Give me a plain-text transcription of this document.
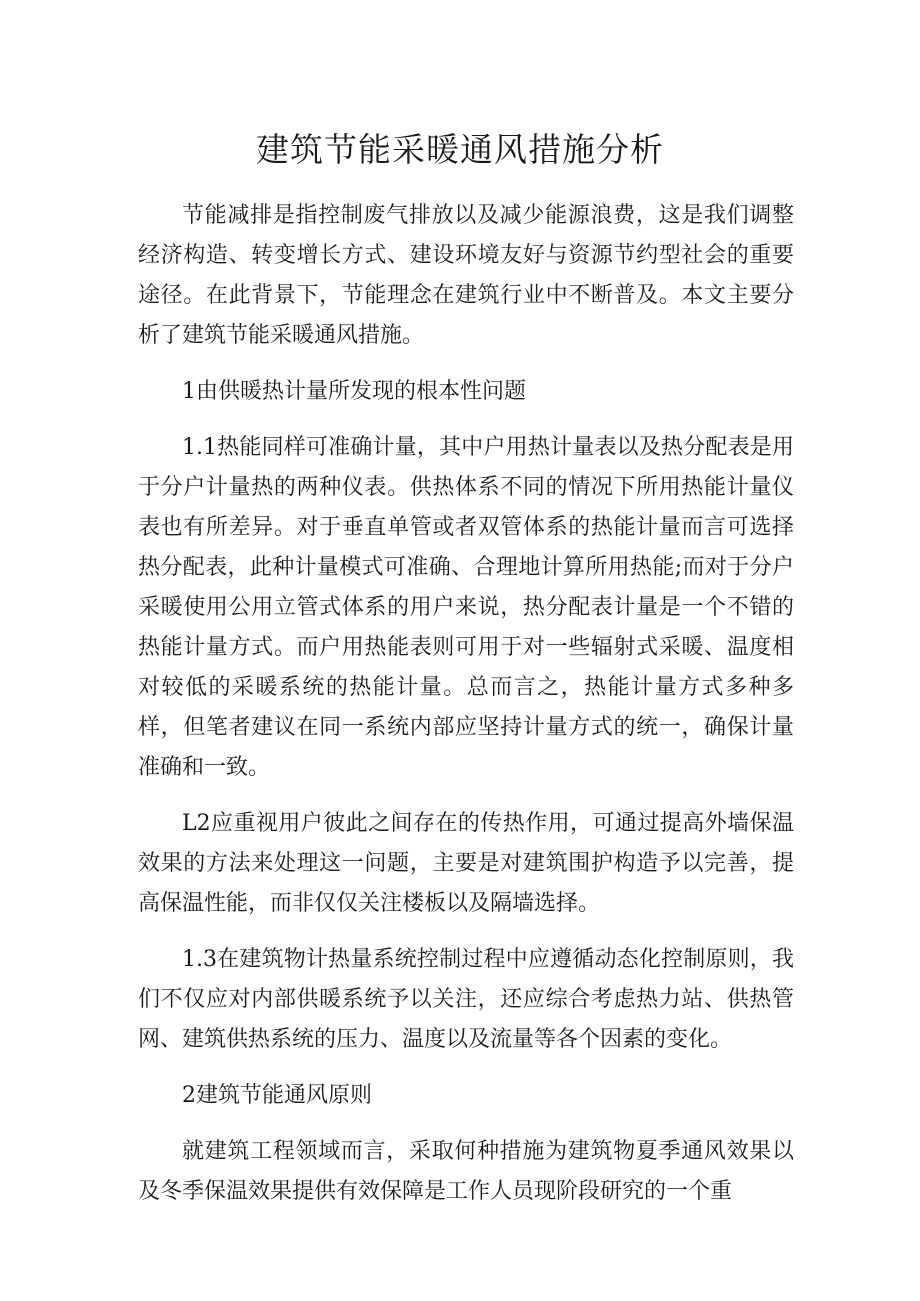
建筑节能采暖通风措施分析

节能减排是指控制废气排放以及减少能源浪费，这是我们调整经济构造、转变增长方式、建设环境友好与资源节约型社会的重要途径。在此背景下，节能理念在建筑行业中不断普及。本文主要分析了建筑节能采暖通风措施。

1由供暖热计量所发现的根本性问题

1.1热能同样可准确计量，其中户用热计量表以及热分配表是用于分户计量热的两种仪表。供热体系不同的情况下所用热能计量仪表也有所差异。对于垂直单管或者双管体系的热能计量而言可选择热分配表，此种计量模式可准确、合理地计算所用热能;而对于分户采暖使用公用立管式体系的用户来说，热分配表计量是一个不错的热能计量方式。而户用热能表则可用于对一些辐射式采暖、温度相对较低的采暖系统的热能计量。总而言之，热能计量方式多种多样，但笔者建议在同一系统内部应坚持计量方式的统一，确保计量准确和一致。

L2应重视用户彼此之间存在的传热作用，可通过提高外墙保温效果的方法来处理这一问题，主要是对建筑围护构造予以完善，提高保温性能，而非仅仅关注楼板以及隔墙选择。

1.3在建筑物计热量系统控制过程中应遵循动态化控制原则，我们不仅应对内部供暖系统予以关注，还应综合考虑热力站、供热管网、建筑供热系统的压力、温度以及流量等各个因素的变化。

2建筑节能通风原则

就建筑工程领域而言，采取何种措施为建筑物夏季通风效果以及冬季保温效果提供有效保障是工作人员现阶段研究的一个重
